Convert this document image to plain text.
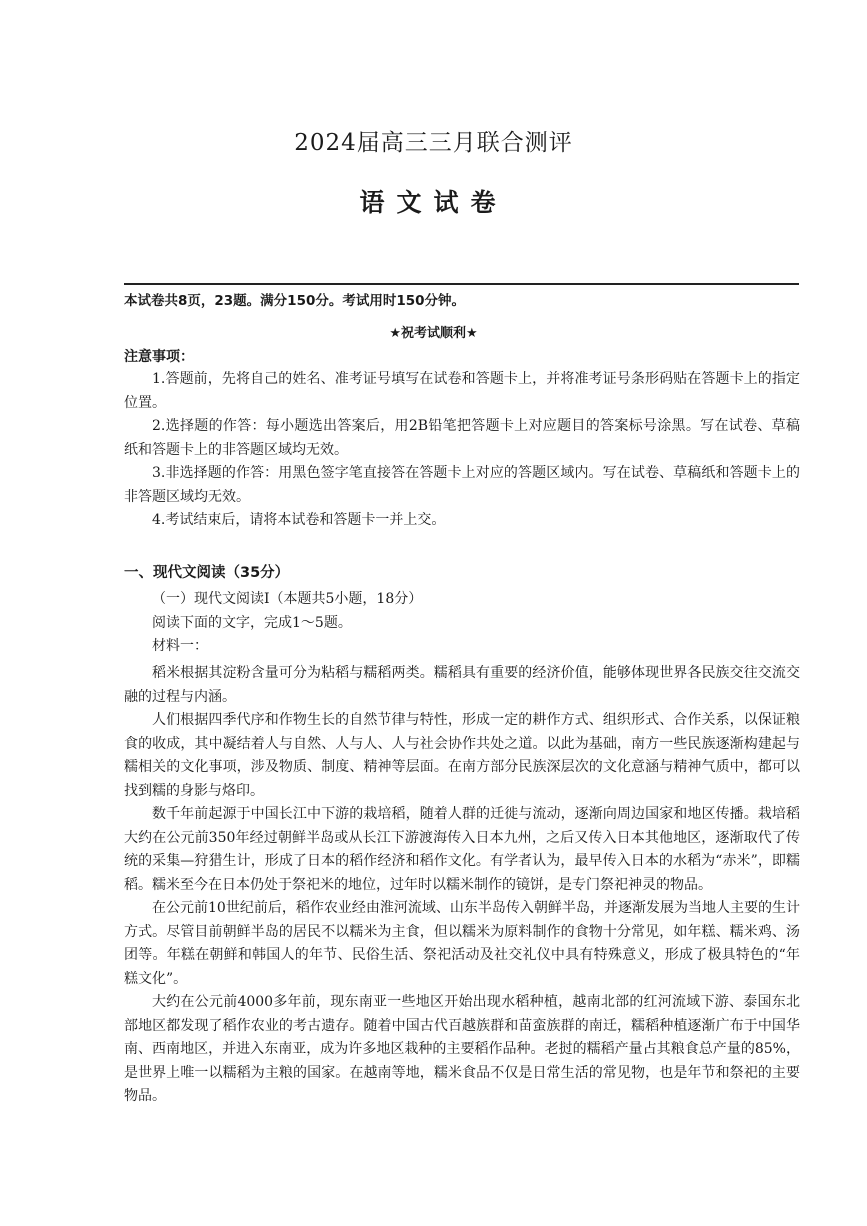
2024届高三三月联合测评
语文试卷
本试卷共8页，23题。满分150分。考试用时150分钟。
★祝考试顺利★
注意事项：

1.答题前，先将自己的姓名、准考证号填写在试卷和答题卡上，并将准考证号条形码贴在答题卡上的指定位置。

2.选择题的作答：每小题选出答案后，用2B铅笔把答题卡上对应题目的答案标号涂黑。写在试卷、草稿纸和答题卡上的非答题区域均无效。

3.非选择题的作答：用黑色签字笔直接答在答题卡上对应的答题区域内。写在试卷、草稿纸和答题卡上的非答题区域均无效。

4.考试结束后，请将本试卷和答题卡一并上交。

一、现代文阅读（35分）

（一）现代文阅读Ⅰ（本题共5小题，18分）

阅读下面的文字，完成1～5题。

材料一：

稻米根据其淀粉含量可分为粘稻与糯稻两类。糯稻具有重要的经济价值，能够体现世界各民族交往交流交融的过程与内涵。

人们根据四季代序和作物生长的自然节律与特性，形成一定的耕作方式、组织形式、合作关系，以保证粮食的收成，其中凝结着人与自然、人与人、人与社会协作共处之道。以此为基础，南方一些民族逐渐构建起与糯相关的文化事项，涉及物质、制度、精神等层面。在南方部分民族深层次的文化意涵与精神气质中，都可以找到糯的身影与烙印。

数千年前起源于中国长江中下游的栽培稻，随着人群的迁徙与流动，逐渐向周边国家和地区传播。栽培稻大约在公元前350年经过朝鲜半岛或从长江下游渡海传入日本九州，之后又传入日本其他地区，逐渐取代了传统的采集—狩猎生计，形成了日本的稻作经济和稻作文化。有学者认为，最早传入日本的水稻为“赤米”，即糯稻。糯米至今在日本仍处于祭祀米的地位，过年时以糯米制作的镜饼，是专门祭祀神灵的物品。

在公元前10世纪前后，稻作农业经由淮河流域、山东半岛传入朝鲜半岛，并逐渐发展为当地人主要的生计方式。尽管目前朝鲜半岛的居民不以糯米为主食，但以糯米为原料制作的食物十分常见，如年糕、糯米鸡、汤团等。年糕在朝鲜和韩国人的年节、民俗生活、祭祀活动及社交礼仪中具有特殊意义，形成了极具特色的“年糕文化”。

大约在公元前4000多年前，现东南亚一些地区开始出现水稻种植，越南北部的红河流域下游、泰国东北部地区都发现了稻作农业的考古遗存。随着中国古代百越族群和苗蛮族群的南迁，糯稻种植逐渐广布于中国华南、西南地区，并进入东南亚，成为许多地区栽种的主要稻作品种。老挝的糯稻产量占其粮食总产量的85%，是世界上唯一以糯稻为主粮的国家。在越南等地，糯米食品不仅是日常生活的常见物，也是年节和祭祀的主要物品。
